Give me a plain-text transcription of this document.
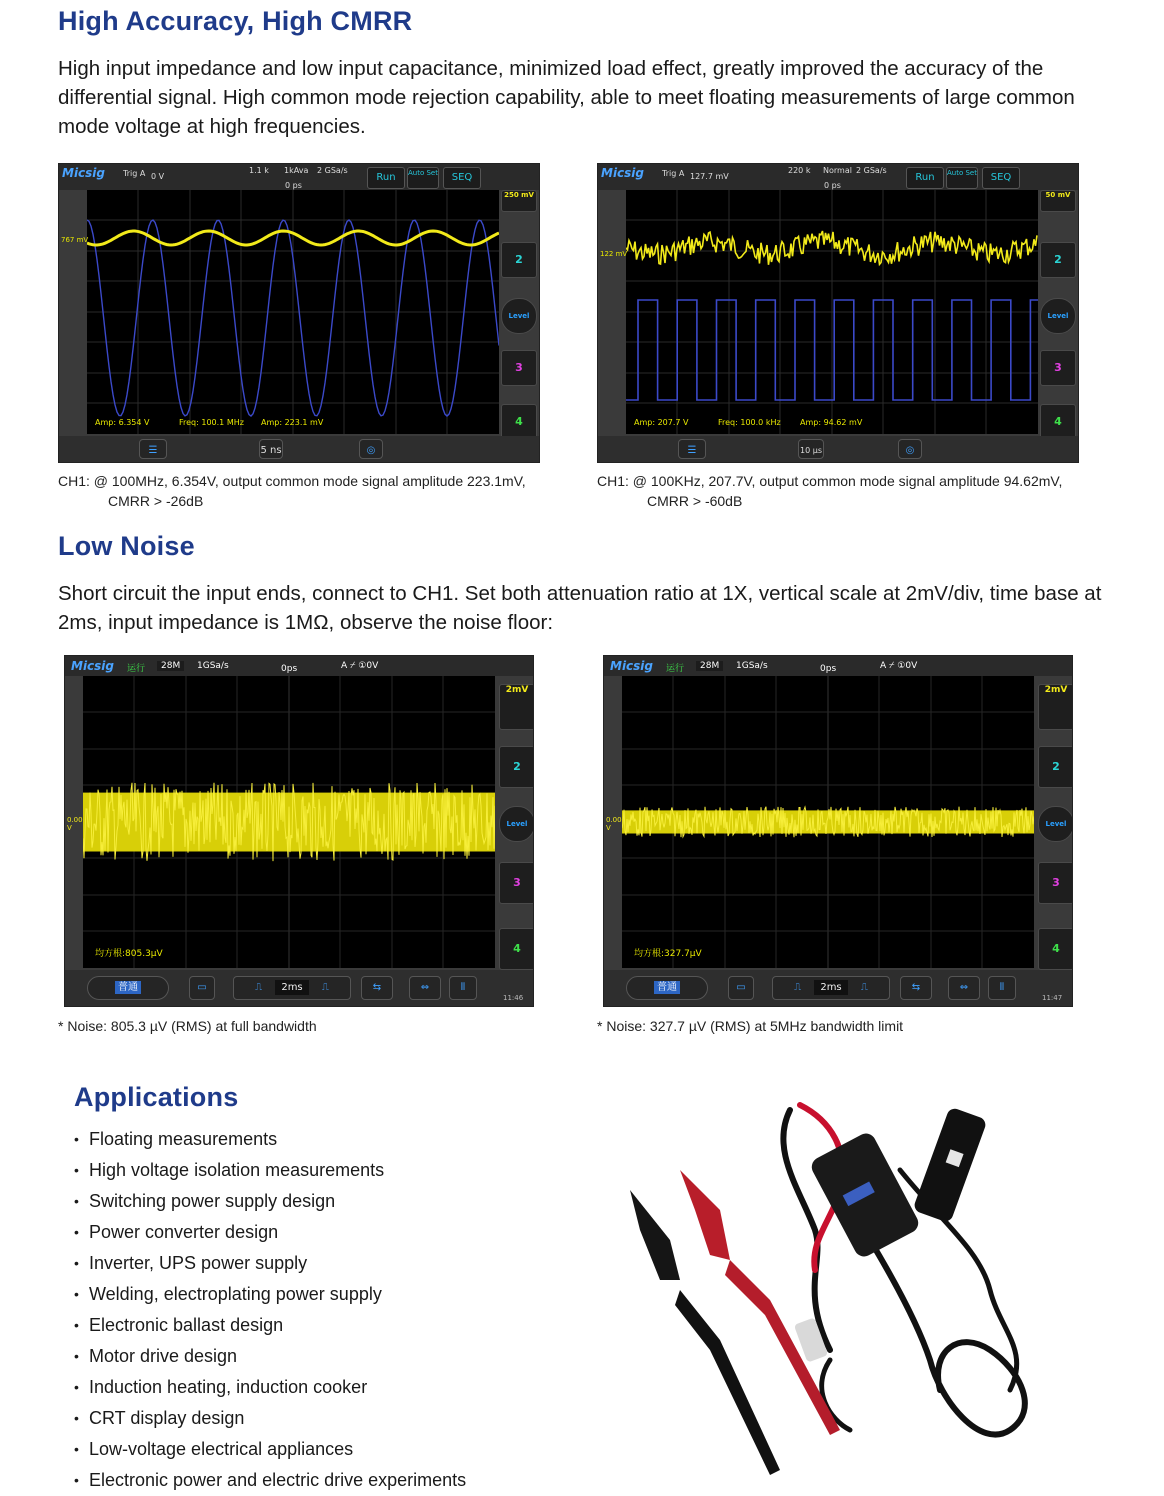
High Accuracy, High CMRR
High input impedance and low input capacitance, minimized load effect, greatly improved the accuracy of the differential signal. High common mode rejection capability, able to meet floating measurements of large common mode voltage at high frequencies.
Micsig Trig A 0 V
1.1 k 1kAva 2 GSa/s
0 ps
Run	Auto Set	SEQ
Amp: 6.354 V	Freq: 100.1 MHz Amp: 223.1 mV
767 mV
250 mV
2
Level
3
4
☰	5 ns	◎
Micsig Trig A 127.7 mV
220 k Normal 2 GSa/s
0 ps
Run	Auto Set	SEQ
Amp: 207.7 V	Freq: 100.0 kHz Amp: 94.62 mV
122 mV
50 mV
2
Level
3
4
☰	10 µs	◎
CH1: @ 100MHz, 6.354V, output common mode signal amplitude 223.1mV,
CMRR > -26dB
CH1: @ 100KHz, 207.7V, output common mode signal amplitude 94.62mV,
CMRR > -60dB
Low Noise
Short circuit the input ends, connect to CH1. Set both attenuation ratio at 1X, vertical scale at 2mV/div, time base at 2ms, input impedance is 1MΩ, observe the noise floor:
Micsig 运行	28M	1GSa/s	0ps	A ⌿ ①0V
均方根:805.3µV
0.00 V
2mV
2
Level
3
4
普通	▭	⎍ 2ms ⎍	⇆	⇔	⦀
11:46
Micsig 运行	28M	1GSa/s	0ps	A ⌿ ①0V
均方根:327.7µV
0.00 V
2mV
2
Level
3
4
普通	▭	⎍ 2ms ⎍	⇆	⇔	⦀
11:47
* Noise: 805.3 µV (RMS) at full bandwidth	* Noise: 327.7 µV (RMS) at 5MHz bandwidth limit
Applications
• Floating measurements
• High voltage isolation measurements
• Switching power supply design
• Power converter design
• Inverter, UPS power supply
• Welding, electroplating power supply
• Electronic ballast design
• Motor drive design
• Induction heating, induction cooker
• CRT display design
• Low-voltage electrical appliances
• Electronic power and electric drive experiments
